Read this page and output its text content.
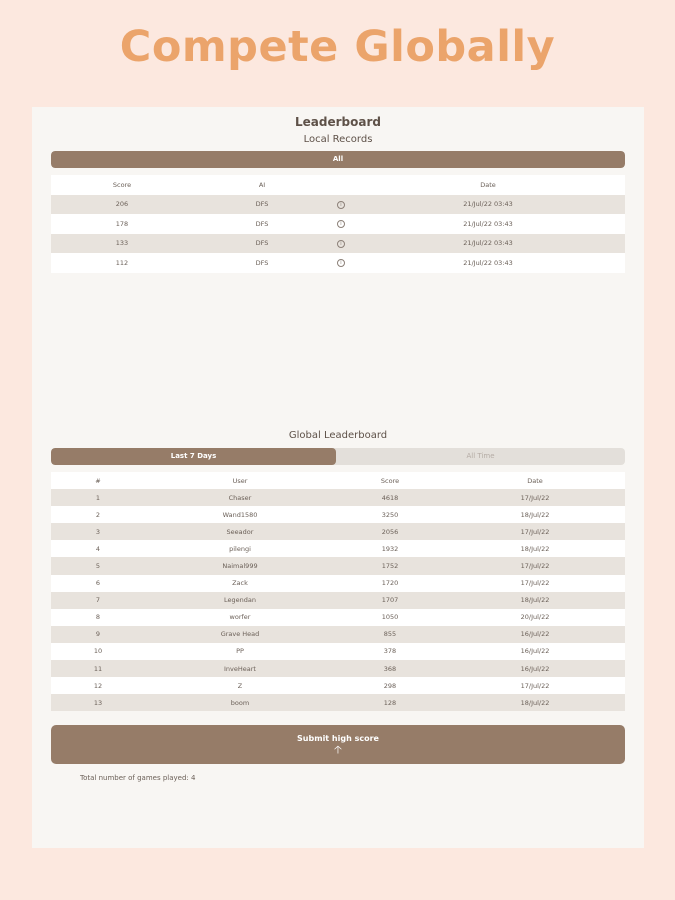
Compete Globally
Leaderboard
Local Records
All
Score	AI		Date
206	DFS	i	21/Jul/22 03:43
178	DFS	i	21/Jul/22 03:43
133	DFS	i	21/Jul/22 03:43
112	DFS	i	21/Jul/22 03:43
Global Leaderboard
Last 7 Days	All Time
#	User	Score	Date
1	Chaser	4618	17/Jul/22
2	Wand1580	3250	18/Jul/22
3	Seeador	2056	17/Jul/22
4	pilengi	1932	18/Jul/22
5	Naimal999	1752	17/Jul/22
6	Zack	1720	17/Jul/22
7	Legendan	1707	18/Jul/22
8	worfer	1050	20/Jul/22
9	Grave Head	855	16/Jul/22
10	PP	378	16/Jul/22
11	InveHeart	368	16/Jul/22
12	Z	298	17/Jul/22
13	boom	128	18/Jul/22
Submit high score
🡡
Total number of games played: 4
